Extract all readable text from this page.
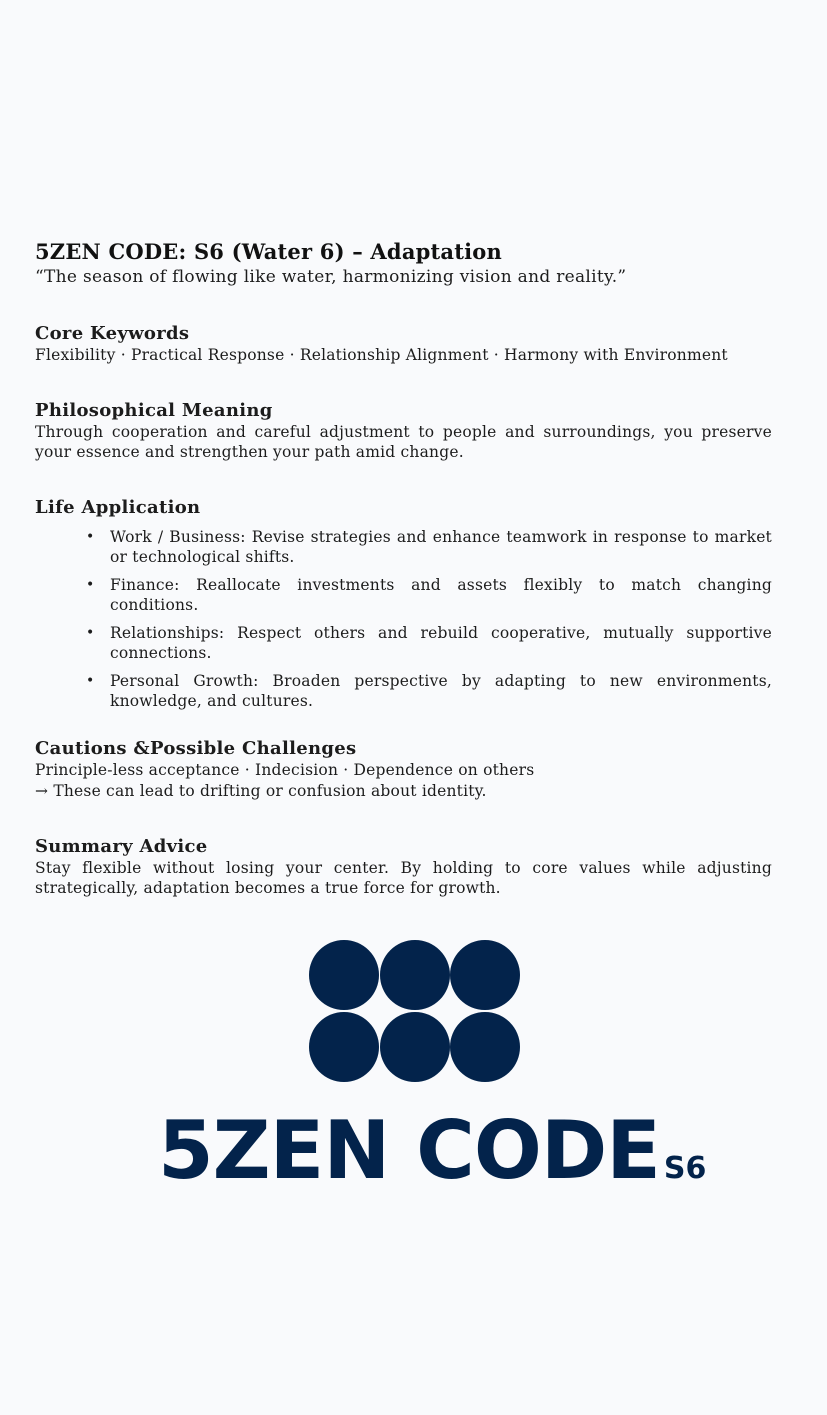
5ZEN CODE: S6 (Water 6) – Adaptation

“The season of flowing like water, harmonizing vision and reality.”

Core Keywords

Flexibility · Practical Response · Relationship Alignment · Harmony with Environment

Philosophical Meaning

Through cooperation and careful adjustment to people and surroundings, you preserve your essence and strengthen your path amid change.

Life Application
• Work / Business: Revise strategies and enhance teamwork in response to market or technological shifts.
• Finance: Reallocate investments and assets flexibly to match changing conditions.
• Relationships: Respect others and rebuild cooperative, mutually supportive connections.
• Personal Growth: Broaden perspective by adapting to new environments, knowledge, and cultures.
Cautions &Possible Challenges

Principle-less acceptance · Indecision · Dependence on others

→ These can lead to drifting or confusion about identity.

Summary Advice

Stay flexible without losing your center. By holding to core values while adjusting strategically, adaptation becomes a true force for growth.

5ZEN CODE S6
